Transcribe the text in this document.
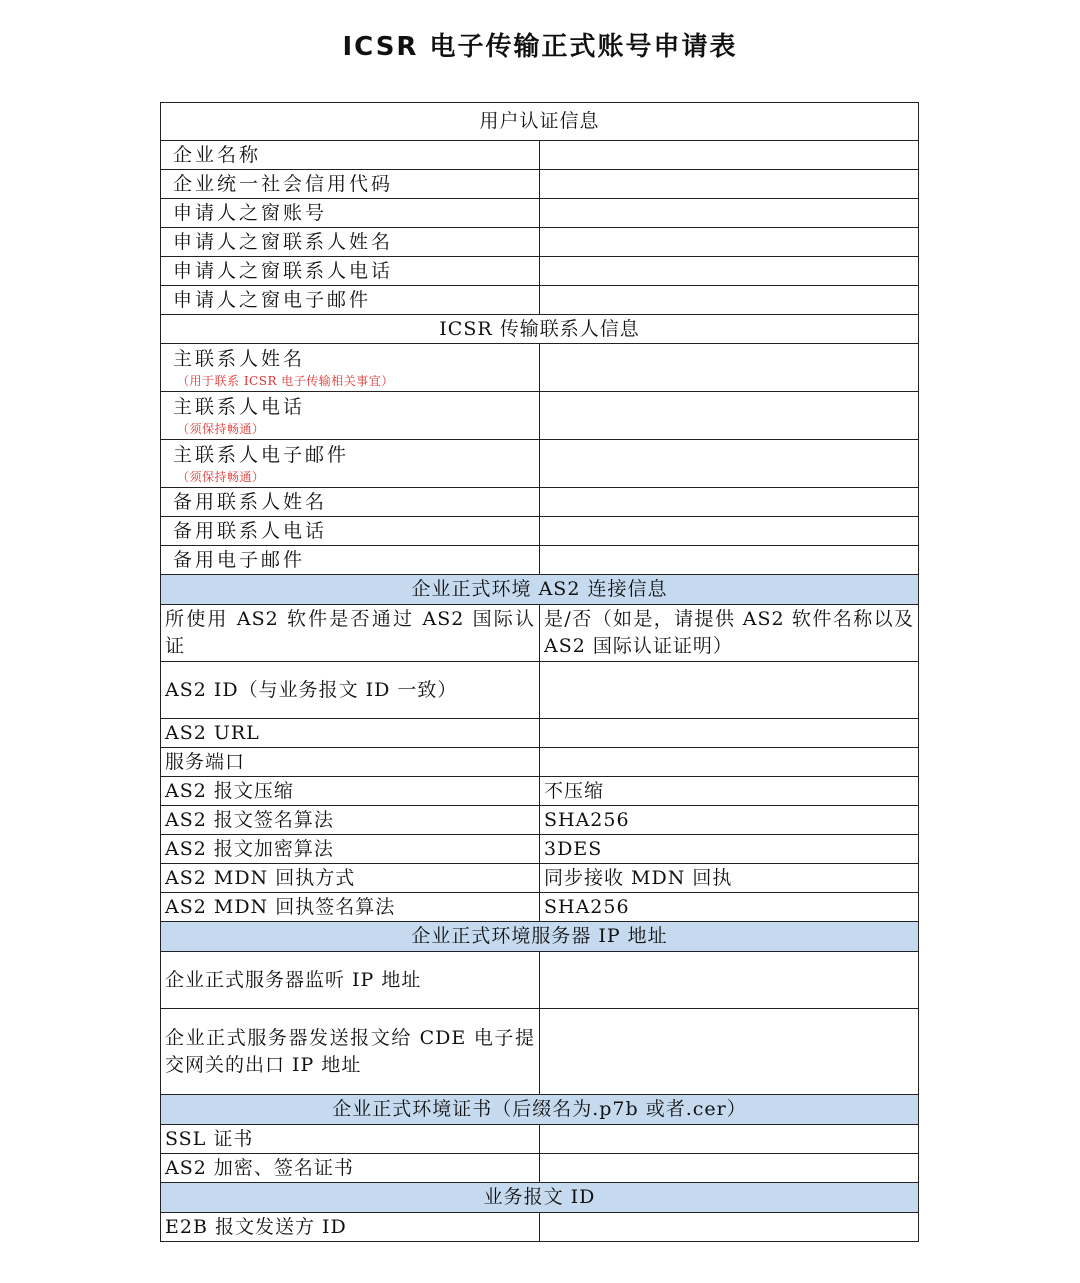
ICSR 电子传输正式账号申请表
用户认证信息	

企业名称	

企业统一社会信用代码	

申请人之窗账号	

申请人之窗联系人姓名	

申请人之窗联系人电话	

申请人之窗电子邮件	

ICSR 传输联系人信息	

主联系人姓名
（用于联系 ICSR 电子传输相关事宜）	

主联系人电话
（须保持畅通）	

主联系人电子邮件
（须保持畅通）	

备用联系人姓名	

备用联系人电话	

备用电子邮件	

企业正式环境 AS2 连接信息	

所使用 AS2 软件是否通过 AS2 国际认证	是/否（如是，请提供 AS2 软件名称以及 AS2 国际认证证明）

AS2 ID（与业务报文 ID 一致）	

AS2 URL	

服务端口	

AS2 报文压缩	不压缩

AS2 报文签名算法	SHA256

AS2 报文加密算法	3DES

AS2 MDN 回执方式	同步接收 MDN 回执

AS2 MDN 回执签名算法	SHA256
企业正式环境服务器 IP 地址	

企业正式服务器监听 IP 地址	

企业正式服务器发送报文给 CDE 电子提交网关的出口 IP 地址	

企业正式环境证书（后缀名为.p7b 或者.cer）	

SSL 证书	

AS2 加密、签名证书	

业务报文 ID	

E2B 报文发送方 ID	
